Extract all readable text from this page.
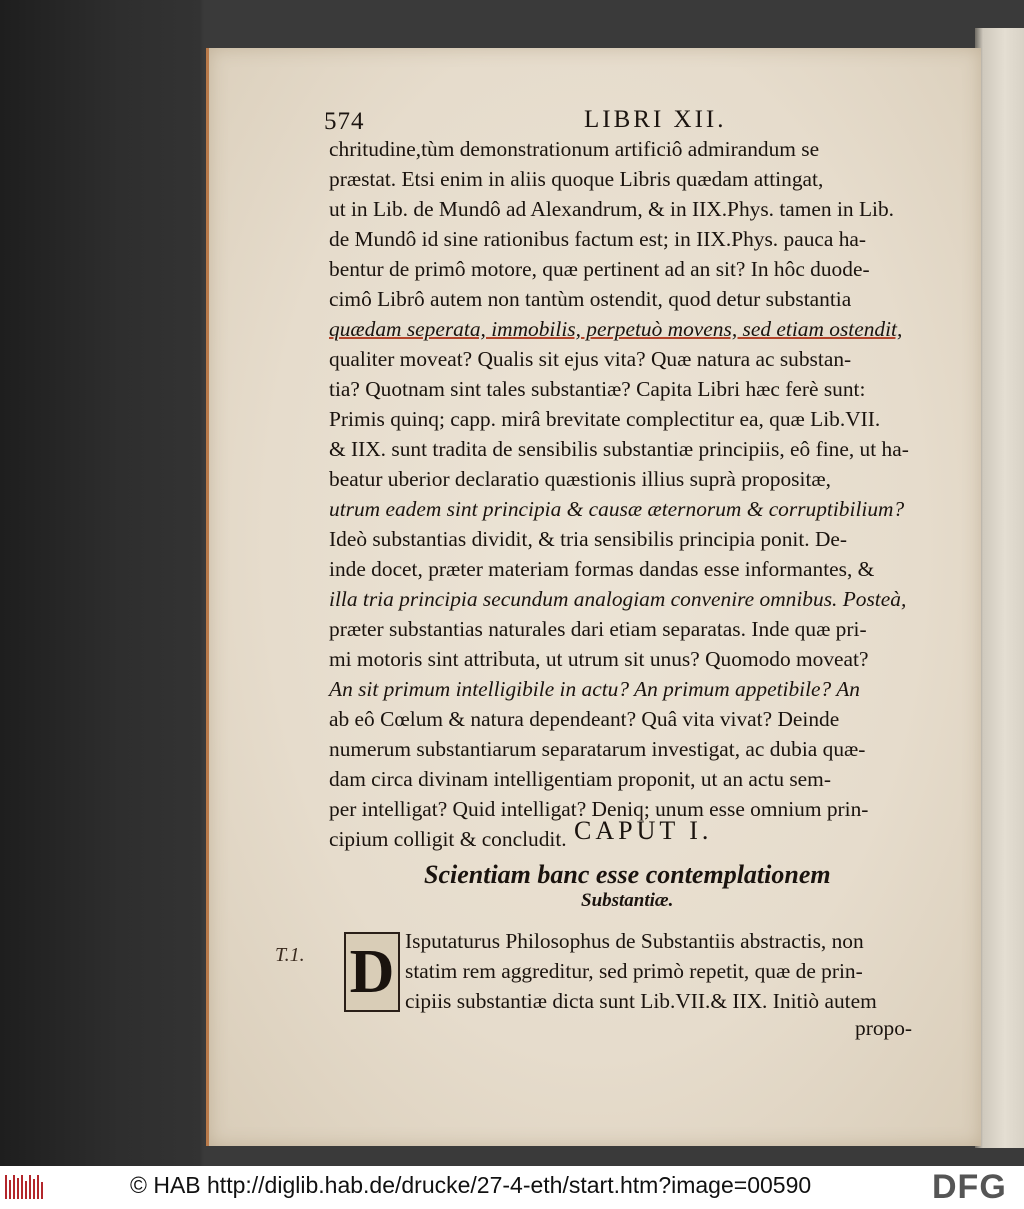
574	LIBRI XII.
chritudine,tùm demonstrationum artificiô admirandum se
præstat. Etsi enim in aliis quoque Libris quædam attingat,
ut in Lib. de Mundô ad Alexandrum, & in IIX.Phys. tamen in Lib.
de Mundô id sine rationibus factum est; in IIX.Phys. pauca ha-
bentur de primô motore, quæ pertinent ad an sit? In hôc duode-
cimô Librô autem non tantùm ostendit, quod detur substantia
quædam seperata, immobilis, perpetuò movens, sed etiam ostendit,
qualiter moveat? Qualis sit ejus vita? Quæ natura ac substan-
tia? Quotnam sint tales substantiæ? Capita Libri hæc ferè sunt:
Primis quinq; capp. mirâ brevitate complectitur ea, quæ Lib.VII.
& IIX. sunt tradita de sensibilis substantiæ principiis, eô fine, ut ha-
beatur uberior declaratio quæstionis illius suprà propositæ,
utrum eadem sint principia & causæ æternorum & corruptibilium?
Ideò substantias dividit, & tria sensibilis principia ponit. De-
inde docet, præter materiam formas dandas esse informantes, &
illa tria principia secundum analogiam convenire omnibus. Posteà,
præter substantias naturales dari etiam separatas. Inde quæ pri-
mi motoris sint attributa, ut utrum sit unus? Quomodo moveat?
An sit primum intelligibile in actu? An primum appetibile? An
ab eô Cœlum & natura dependeant? Quâ vita vivat? Deinde
numerum substantiarum separatarum investigat, ac dubia quæ-
dam circa divinam intelligentiam proponit, ut an actu sem-
per intelligat? Quid intelligat? Deniq; unum esse omnium prin-
cipium colligit & concludit. CAPUT I.
Scientiam banc esse contemplationem
Substantiæ.
T.1. D Isputaturus Philosophus de Substantiis abstractis, non
statim rem aggreditur, sed primò repetit, quæ de prin-
cipiis substantiæ dicta sunt Lib.VII.& IIX. Initiò autem
propo-
© HAB http://diglib.hab.de/drucke/27-4-eth/start.htm?image=00590	DFG
